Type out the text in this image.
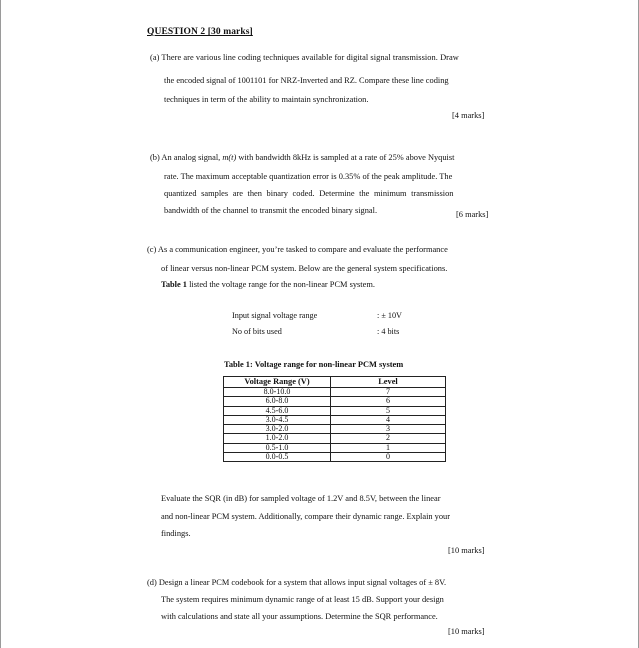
QUESTION 2 [30 marks]
(a) There are various line coding techniques available for digital signal transmission. Draw
the encoded signal of 1001101 for NRZ-Inverted and RZ. Compare these line coding
techniques in term of the ability to maintain synchronization.
[4 marks]
(b) An analog signal, m(t) with bandwidth 8kHz is sampled at a rate of 25% above Nyquist
rate. The maximum acceptable quantization error is 0.35% of the peak amplitude. The
quantized samples are then binary coded. Determine the minimum transmission
bandwidth of the channel to transmit the encoded binary signal.	[6 marks]
(c) As a communication engineer, you’re tasked to compare and evaluate the performance
of linear versus non-linear PCM system. Below are the general system specifications.
Table 1 listed the voltage range for the non-linear PCM system.
Input signal voltage range	: ± 10V
No of bits used	: 4 bits
Table 1: Voltage range for non-linear PCM system
Voltage Range (V)	Level
8.0-10.0	7
6.0-8.0	6
4.5-6.0	5
3.0-4.5	4
3.0-2.0	3
1.0-2.0	2
0.5-1.0	1
0.0-0.5	0
Evaluate the SQR (in dB) for sampled voltage of 1.2V and 8.5V, between the linear
and non-linear PCM system. Additionally, compare their dynamic range. Explain your
findings.
[10 marks]
(d) Design a linear PCM codebook for a system that allows input signal voltages of ± 8V.
The system requires minimum dynamic range of at least 15 dB. Support your design
with calculations and state all your assumptions. Determine the SQR performance.
[10 marks]
